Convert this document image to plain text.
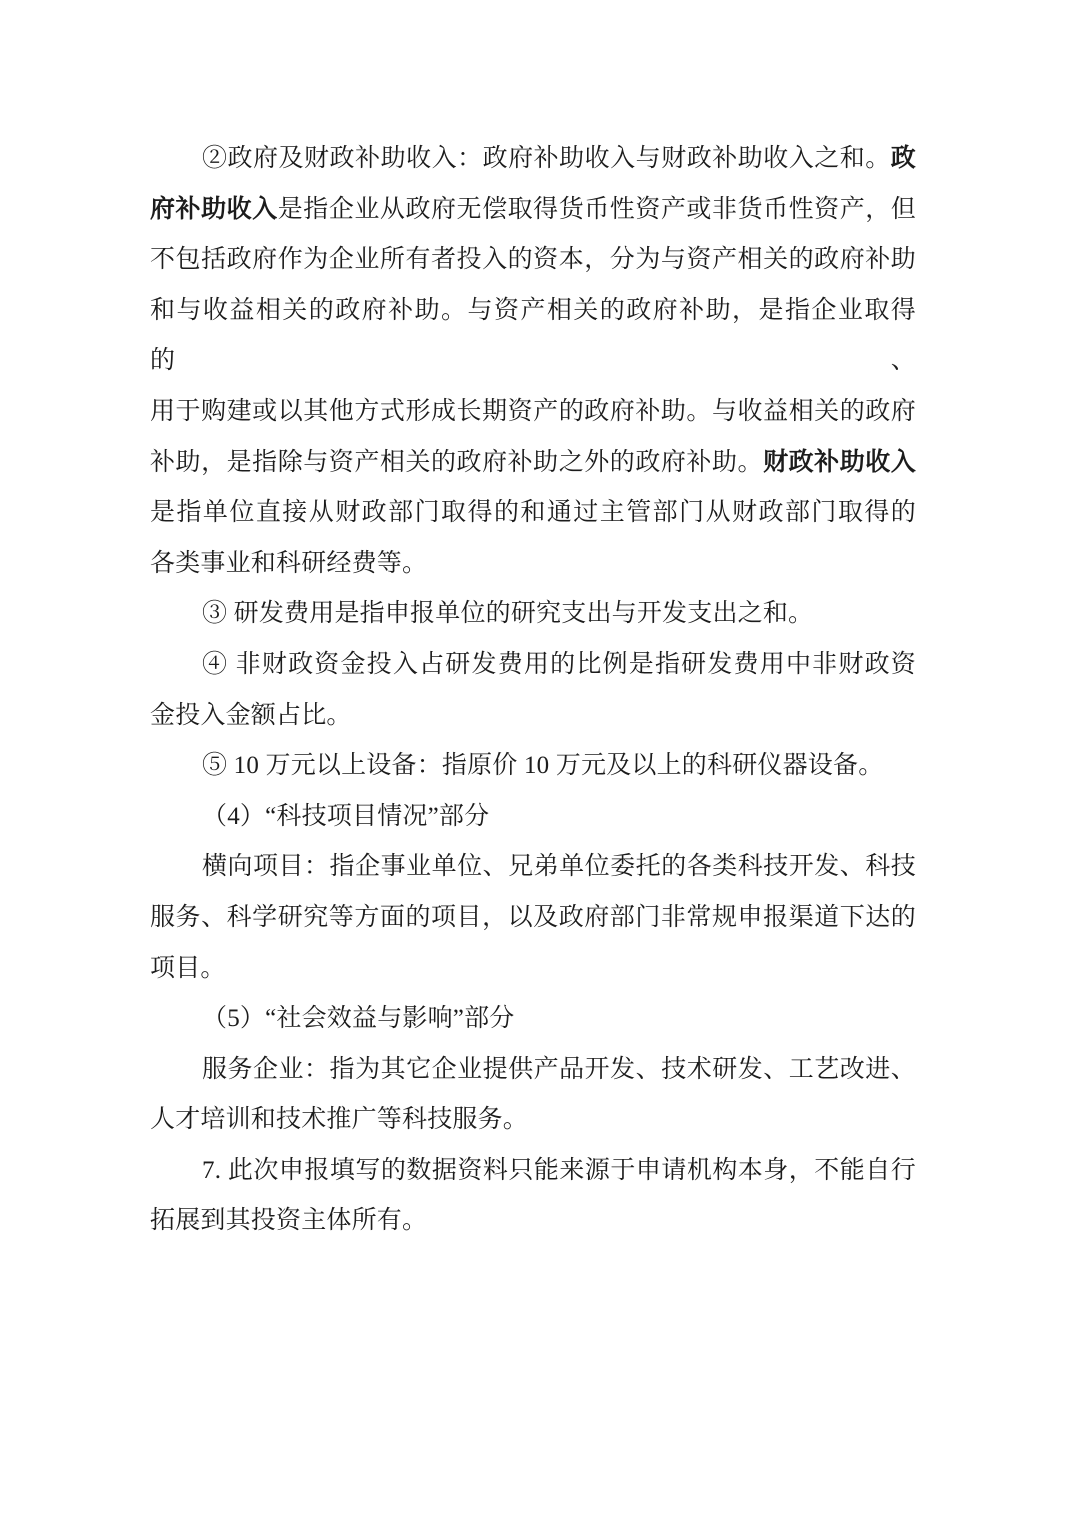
②政府及财政补助收入：政府补助收入与财政补助收入之和。政
府补助收入是指企业从政府无偿取得货币性资产或非货币性资产，但
不包括政府作为企业所有者投入的资本，分为与资产相关的政府补助
和与收益相关的政府补助。与资产相关的政府补助，是指企业取得的、
用于购建或以其他方式形成长期资产的政府补助。与收益相关的政府
补助，是指除与资产相关的政府补助之外的政府补助。财政补助收入
是指单位直接从财政部门取得的和通过主管部门从财政部门取得的
各类事业和科研经费等。
③ 研发费用是指申报单位的研究支出与开发支出之和。
④ 非财政资金投入占研发费用的比例是指研发费用中非财政资
金投入金额占比。
⑤ 10 万元以上设备：指原价 10 万元及以上的科研仪器设备。
（4）“科技项目情况”部分
横向项目：指企事业单位、兄弟单位委托的各类科技开发、科技
服务、科学研究等方面的项目，以及政府部门非常规申报渠道下达的
项目。
（5）“社会效益与影响”部分
服务企业：指为其它企业提供产品开发、技术研发、工艺改进、
人才培训和技术推广等科技服务。
7. 此次申报填写的数据资料只能来源于申请机构本身，不能自行
拓展到其投资主体所有。
